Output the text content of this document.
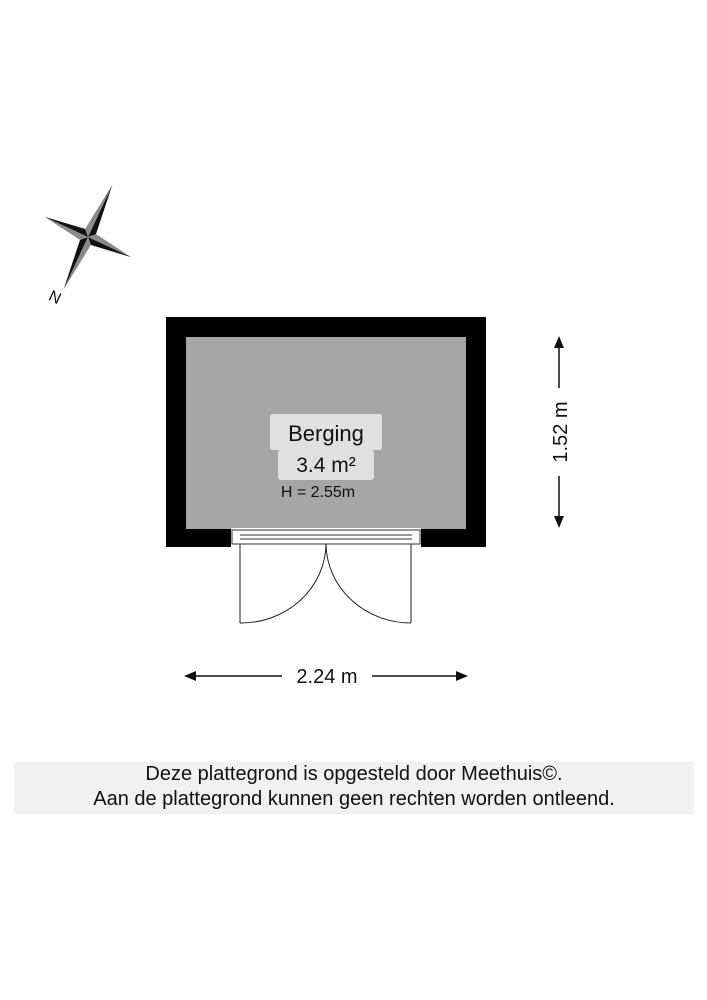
N
Berging
3.4 m²
H = 2.55m
2.24 m
1.52 m
Deze plattegrond is opgesteld door Meethuis©.
Aan de plattegrond kunnen geen rechten worden ontleend.
